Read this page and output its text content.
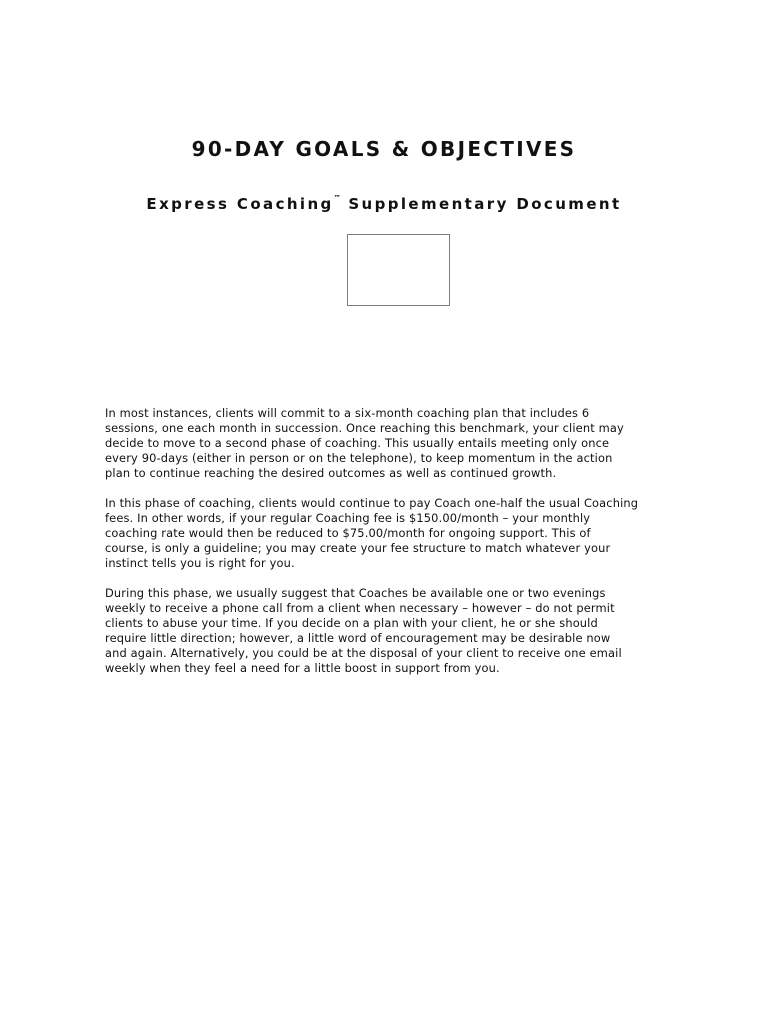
90-DAY GOALS & OBJECTIVES
Express Coaching™ Supplementary Document

In most instances, clients will commit to a six-month coaching plan that includes 6
sessions, one each month in succession. Once reaching this benchmark, your client may
decide to move to a second phase of coaching. This usually entails meeting only once
every 90-days (either in person or on the telephone), to keep momentum in the action
plan to continue reaching the desired outcomes as well as continued growth.

In this phase of coaching, clients would continue to pay Coach one-half the usual Coaching
fees. In other words, if your regular Coaching fee is $150.00/month – your monthly
coaching rate would then be reduced to $75.00/month for ongoing support. This of
course, is only a guideline; you may create your fee structure to match whatever your
instinct tells you is right for you.

During this phase, we usually suggest that Coaches be available one or two evenings
weekly to receive a phone call from a client when necessary – however – do not permit
clients to abuse your time. If you decide on a plan with your client, he or she should
require little direction; however, a little word of encouragement may be desirable now
and again. Alternatively, you could be at the disposal of your client to receive one email
weekly when they feel a need for a little boost in support from you.
